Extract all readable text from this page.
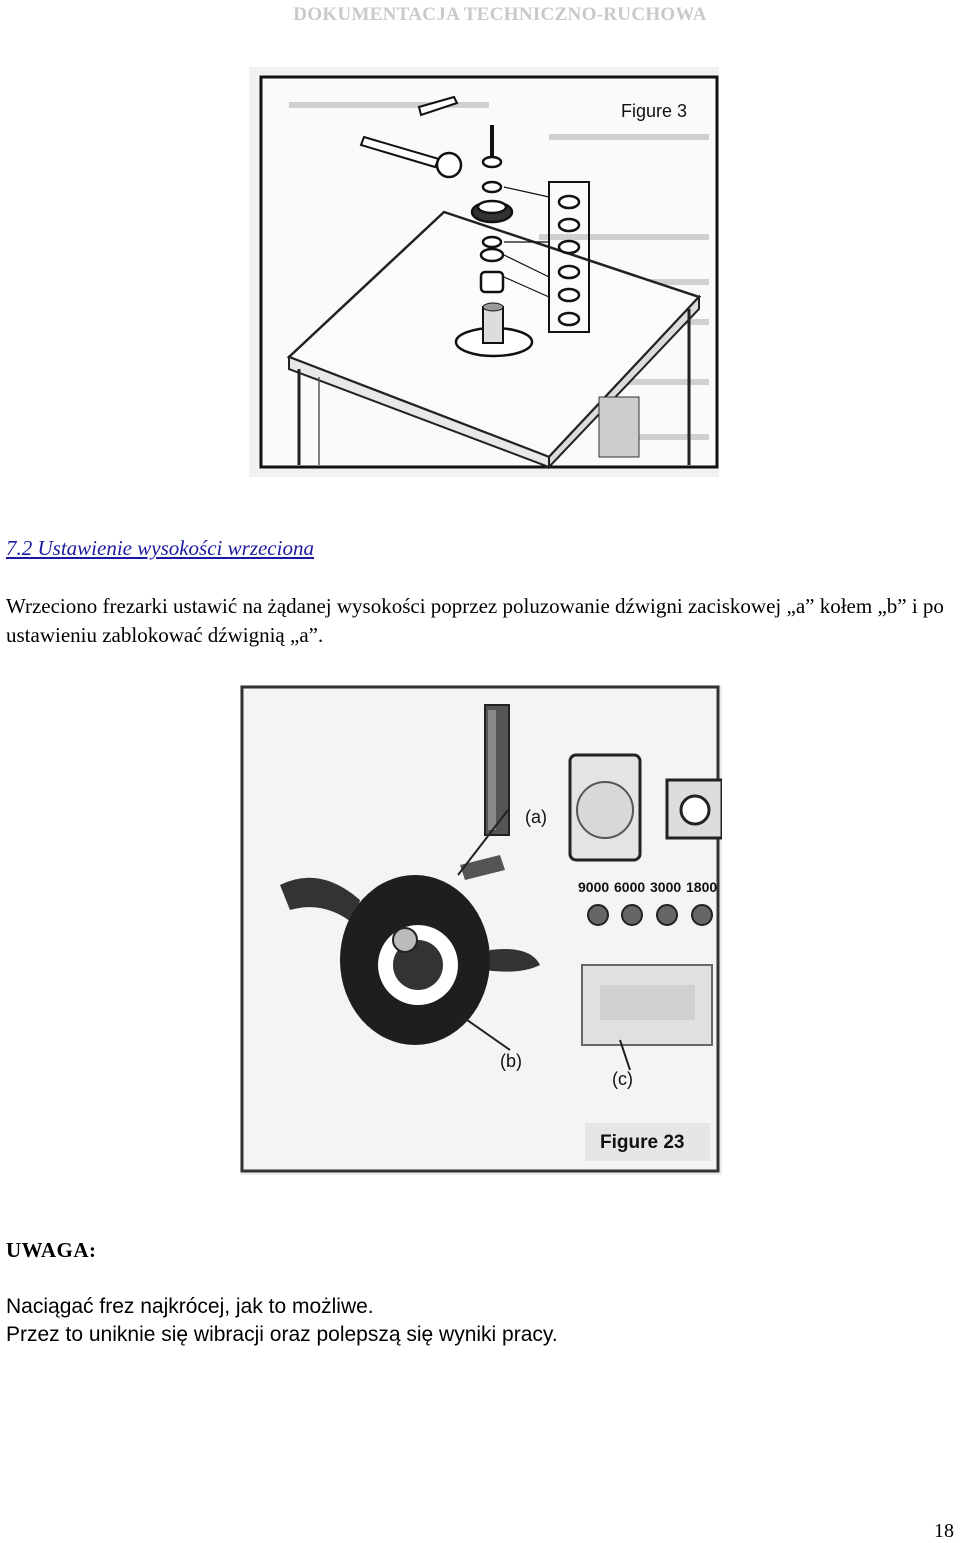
DOKUMENTACJA TECHNICZNO-RUCHOWA
Figure 3
7.2 Ustawienie wysokości wrzeciona
Wrzeciono frezarki ustawić na żądanej wysokości poprzez poluzowanie dźwigni zaciskowej „a” kołem „b” i po ustawieniu zablokować dźwignią „a”.
9000 6000 3000 1800
(a)
(b)
(c)
Figure 23
UWAGA:
Naciągać frez najkrócej, jak to możliwe.
Przez to uniknie się wibracji oraz polepszą się wyniki pracy.
18
